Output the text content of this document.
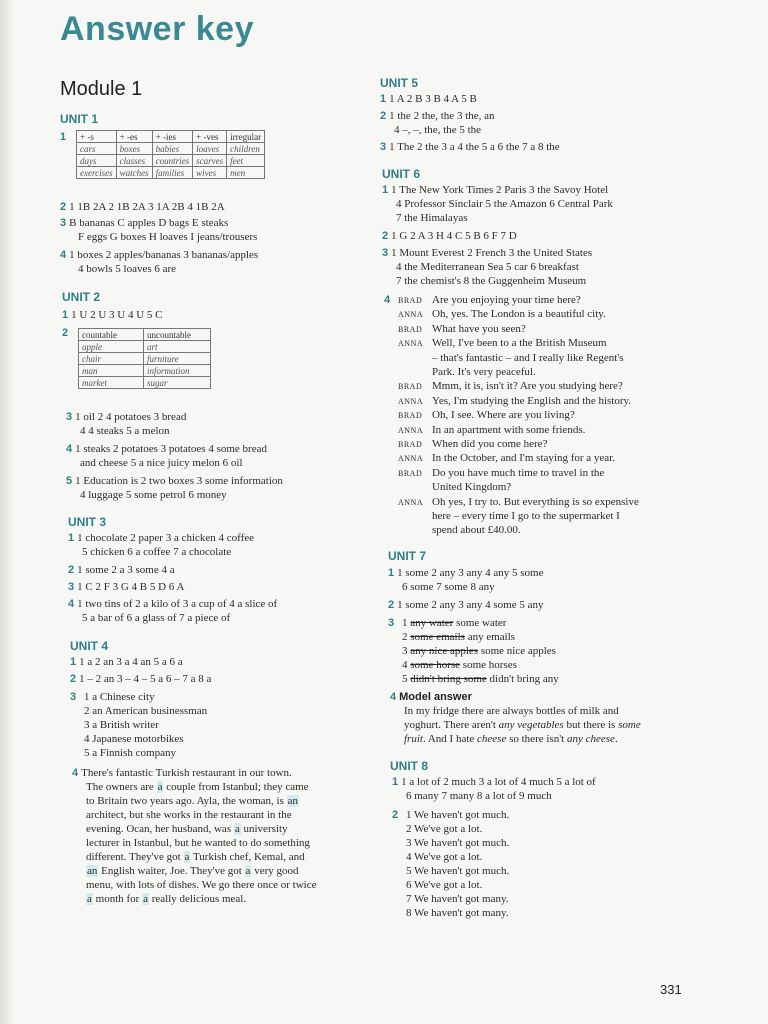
Answer key
Module 1
UNIT 1
1 + -s	+ -es	+ -ies	+ -ves	irregular
cars	boxes	babies	loaves	children
days	classes	countries	scarves	feet
exercises	watches	families	wives	men
2 1 1B 2A 2 1B 2A 3 1A 2B 4 1B 2A
3 B bananas C apples D bags E steaks
F eggs G boxes H loaves I jeans/trousers
4 1 boxes 2 apples/bananas 3 bananas/apples
4 bowls 5 loaves 6 are
UNIT 2
1 1 U 2 U 3 U 4 U 5 C
2 countable	uncountable
apple	art
chair	furniture
man	information
market	sugar
3 1 oil 2 4 potatoes 3 bread
4 4 steaks 5 a melon
4 1 steaks 2 potatoes 3 potatoes 4 some bread
and cheese 5 a nice juicy melon 6 oil
5 1 Education is 2 two boxes 3 some information
4 luggage 5 some petrol 6 money
UNIT 3
1 1 chocolate 2 paper 3 a chicken 4 coffee
5 chicken 6 a coffee 7 a chocolate
2 1 some 2 a 3 some 4 a
3 1 C 2 F 3 G 4 B 5 D 6 A
4 1 two tins of 2 a kilo of 3 a cup of 4 a slice of
5 a bar of 6 a glass of 7 a piece of
UNIT 4
1 1 a 2 an 3 a 4 an 5 a 6 a
2 1 – 2 an 3 – 4 – 5 a 6 – 7 a 8 a
3 1 a Chinese city
2 an American businessman
3 a British writer
4 Japanese motorbikes
5 a Finnish company
4 There's fantastic Turkish restaurant in our town.
The owners are a couple from Istanbul; they came
to Britain two years ago. Ayla, the woman, is an
architect, but she works in the restaurant in the
evening. Ocan, her husband, was a university
lecturer in Istanbul, but he wanted to do something
different. They've got a Turkish chef, Kemal, and
an English waiter, Joe. They've got a very good
menu, with lots of dishes. We go there once or twice
a month for a really delicious meal.
UNIT 5
1 1 A 2 B 3 B 4 A 5 B
2 1 the 2 the, the 3 the, an
4 –, –, the, the 5 the
3 1 The 2 the 3 a 4 the 5 a 6 the 7 a 8 the
UNIT 6
1 1 The New York Times 2 Paris 3 the Savoy Hotel
4 Professor Sinclair 5 the Amazon 6 Central Park
7 the Himalayas
2 1 G 2 A 3 H 4 C 5 B 6 F 7 D
3 1 Mount Everest 2 French 3 the United States
4 the Mediterranean Sea 5 car 6 breakfast
7 the chemist's 8 the Guggenheim Museum
4 BRAD Are you enjoying your time here?
ANNA Oh, yes. The London is a beautiful city.
BRAD What have you seen?
ANNA Well, I've been to a the British Museum
– that's fantastic – and I really like Regent's
Park. It's very peaceful.
BRAD Mmm, it is, isn't it? Are you studying here?
ANNA Yes, I'm studying the English and the history.
BRAD Oh, I see. Where are you living?
ANNA In an apartment with some friends.
BRAD When did you come here?
ANNA In the October, and I'm staying for a year.
BRAD Do you have much time to travel in the
United Kingdom?
ANNA Oh yes, I try to. But everything is so expensive
here – every time I go to the supermarket I
spend about £40.00.
UNIT 7
1 1 some 2 any 3 any 4 any 5 some
6 some 7 some 8 any
2 1 some 2 any 3 any 4 some 5 any
3 1 any water some water
2 some emails any emails
3 any nice apples some nice apples
4 some horse some horses
5 didn't bring some didn't bring any
4 Model answer
In my fridge there are always bottles of milk and
yoghurt. There aren't any vegetables but there is some
fruit. And I hate cheese so there isn't any cheese.
UNIT 8
1 1 a lot of 2 much 3 a lot of 4 much 5 a lot of
6 many 7 many 8 a lot of 9 much
2 1 We haven't got much.
2 We've got a lot.
3 We haven't got much.
4 We've got a lot.
5 We haven't got much.
6 We've got a lot.
7 We haven't got many.
8 We haven't got many.
331
